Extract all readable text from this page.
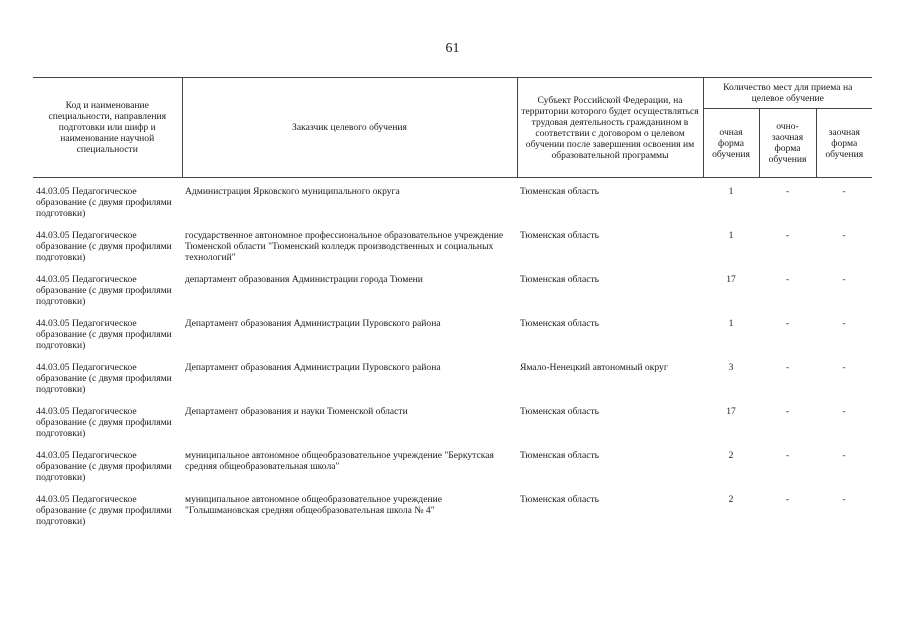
61
Код и наименование специальности, направления подготовки или шифр и наименование научной специальности	Заказчик целевого обучения	Субъект Российской Федерации, на территории которого будет осуществляться трудовая деятельность гражданином в соответствии с договором о целевом обучении после завершения освоения им образовательной программы	Количество мест для приема на целевое обучение		
			очная форма обучения	очно-заочная форма обучения	заочная форма обучения

44.03.05 Педагогическое образование (с двумя профилями подготовки)	Администрация Ярковского муниципального округа	Тюменская область	1	-	-
44.03.05 Педагогическое образование (с двумя профилями подготовки)	государственное автономное профессиональное образовательное учреждение Тюменской области "Тюменский колледж производственных и социальных технологий"	Тюменская область	1	-	-
44.03.05 Педагогическое образование (с двумя профилями подготовки)	департамент образования Администрации города Тюмени	Тюменская область	17	-	-
44.03.05 Педагогическое образование (с двумя профилями подготовки)	Департамент образования Администрации Пуровского района	Тюменская область	1	-	-
44.03.05 Педагогическое образование (с двумя профилями подготовки)	Департамент образования Администрации Пуровского района	Ямало-Ненецкий автономный округ	3	-	-
44.03.05 Педагогическое образование (с двумя профилями подготовки)	Департамент образования и науки Тюменской области	Тюменская область	17	-	-
44.03.05 Педагогическое образование (с двумя профилями подготовки)	муниципальное автономное общеобразовательное учреждение "Беркутская средняя общеобразовательная школа"	Тюменская область	2	-	-
44.03.05 Педагогическое образование (с двумя профилями подготовки)	муниципальное автономное общеобразовательное учреждение "Голышмановская средняя общеобразовательная школа № 4"	Тюменская область	2	-	-
